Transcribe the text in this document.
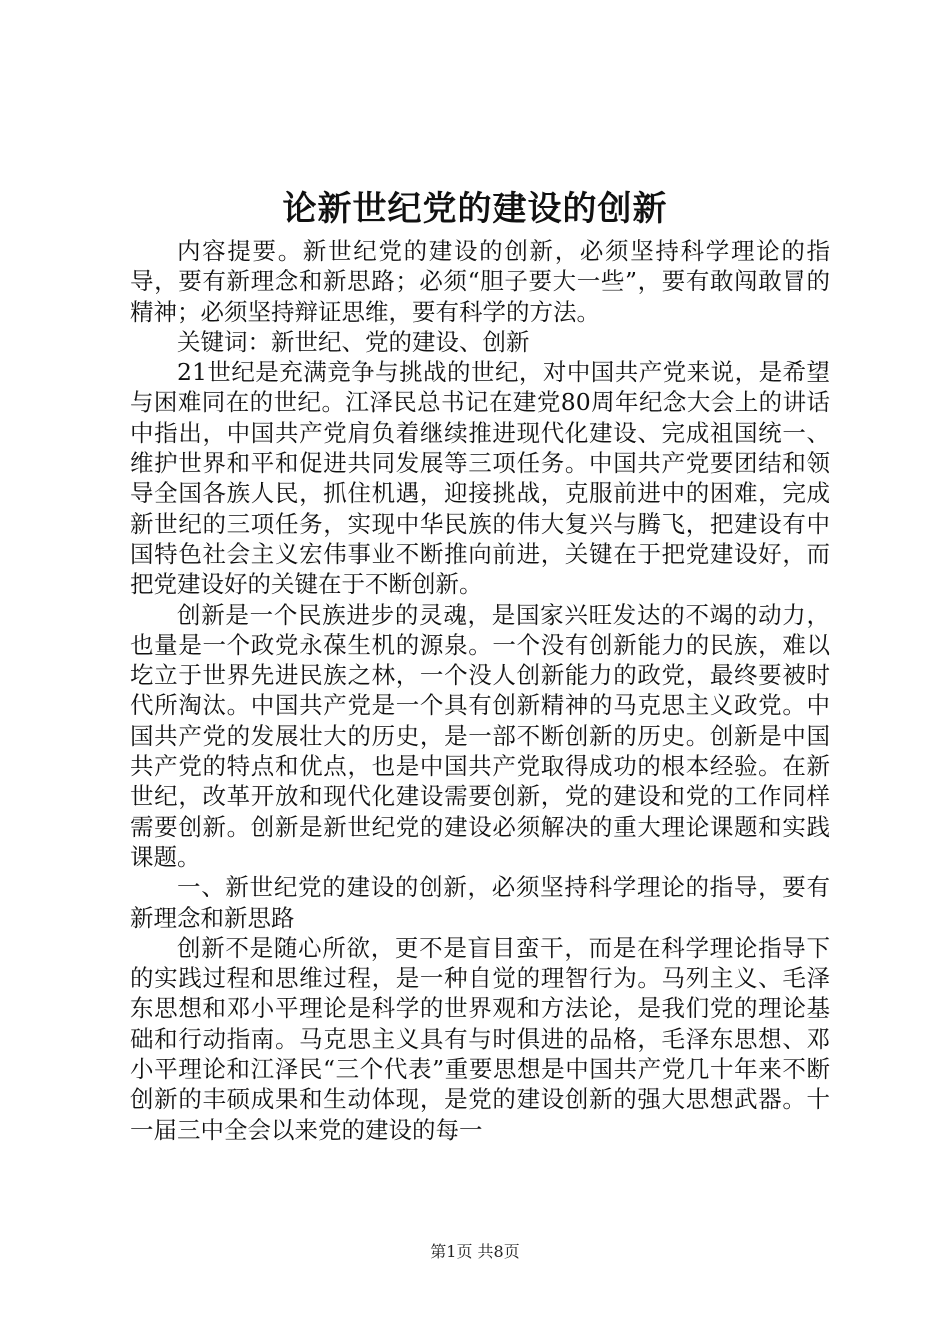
论新世纪党的建设的创新

内容提要。新世纪党的建设的创新，必须坚持科学理论的指导，要有新理念和新思路；必须“胆子要大一些”，要有敢闯敢冒的精神；必须坚持辩证思维，要有科学的方法。

关键词：新世纪、党的建设、创新

21世纪是充满竞争与挑战的世纪，对中国共产党来说，是希望与困难同在的世纪。江泽民总书记在建党80周年纪念大会上的讲话中指出，中国共产党肩负着继续推进现代化建设、完成祖国统一、维护世界和平和促进共同发展等三项任务。中国共产党要团结和领导全国各族人民，抓住机遇，迎接挑战，克服前进中的困难，完成新世纪的三项任务，实现中华民族的伟大复兴与腾飞，把建设有中国特色社会主义宏伟事业不断推向前进，关键在于把党建设好，而把党建设好的关键在于不断创新。

创新是一个民族进步的灵魂，是国家兴旺发达的不竭的动力，也量是一个政党永葆生机的源泉。一个没有创新能力的民族，难以圪立于世界先进民族之林，一个没人创新能力的政党，最终要被时代所淘汰。中国共产党是一个具有创新精神的马克思主义政党。中国共产党的发展壮大的历史，是一部不断创新的历史。创新是中国共产党的特点和优点，也是中国共产党取得成功的根本经验。在新世纪，改革开放和现代化建设需要创新，党的建设和党的工作同样需要创新。创新是新世纪党的建设必须解决的重大理论课题和实践课题。

一、新世纪党的建设的创新，必须坚持科学理论的指导，要有新理念和新思路

创新不是随心所欲，更不是盲目蛮干，而是在科学理论指导下的实践过程和思维过程，是一种自觉的理智行为。马列主义、毛泽东思想和邓小平理论是科学的世界观和方法论，是我们党的理论基础和行动指南。马克思主义具有与时俱进的品格，毛泽东思想、邓小平理论和江泽民“三个代表”重要思想是中国共产党几十年来不断创新的丰硕成果和生动体现，是党的建设创新的强大思想武器。十一届三中全会以来党的建设的每一

第1页 共8页
